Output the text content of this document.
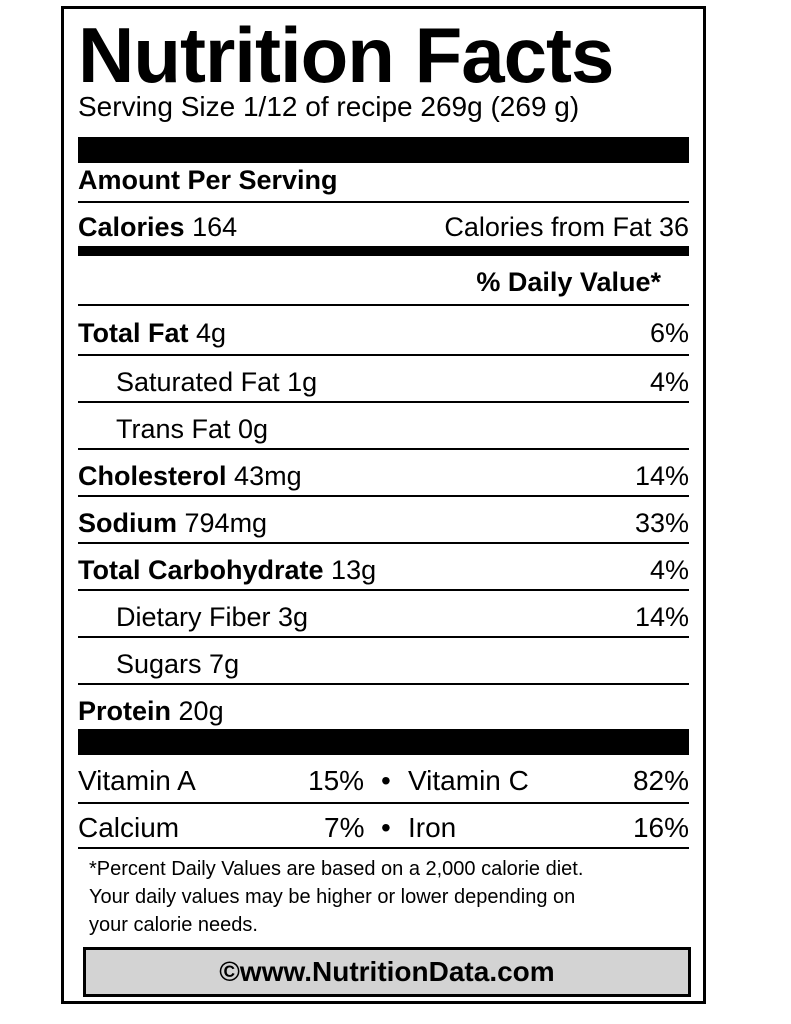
Nutrition Facts
Serving Size 1/12 of recipe 269g (269 g)
Amount Per Serving
Calories 164	Calories from Fat 36
% Daily Value*
Total Fat 4g	6%
Saturated Fat 1g	4%
Trans Fat 0g
Cholesterol 43mg	14%
Sodium 794mg	33%
Total Carbohydrate 13g	4%
Dietary Fiber 3g	14%
Sugars 7g
Protein 20g
Vitamin A	15% • Vitamin C	82%
Calcium	7% • Iron	16%
*Percent Daily Values are based on a 2,000 calorie diet.
Your daily values may be higher or lower depending on
your calorie needs.
©www.NutritionData.com
